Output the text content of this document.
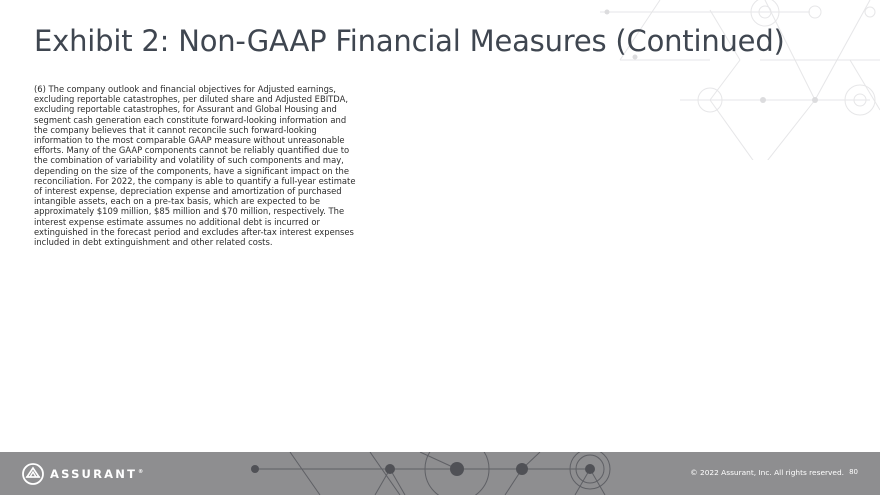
Exhibit 2: Non-GAAP Financial Measures (Continued)
(6) The company outlook and financial objectives for Adjusted earnings, excluding reportable catastrophes, per diluted share and Adjusted EBITDA, excluding reportable catastrophes, for Assurant and Global Housing and segment cash generation each constitute forward-looking information and the company believes that it cannot reconcile such forward-looking information to the most comparable GAAP measure without unreasonable efforts. Many of the GAAP components cannot be reliably quantified due to the combination of variability and volatility of such components and may, depending on the size of the components, have a significant impact on the reconciliation. For 2022, the company is able to quantify a full-year estimate of interest expense, depreciation expense and amortization of purchased intangible assets, each on a pre-tax basis, which are expected to be approximately $109 million, $85 million and $70 million, respectively. The interest expense estimate assumes no additional debt is incurred or extinguished in the forecast period and excludes after-tax interest expenses included in debt extinguishment and other related costs.
ASSURANT®	© 2022 Assurant, Inc. All rights reserved. 80
